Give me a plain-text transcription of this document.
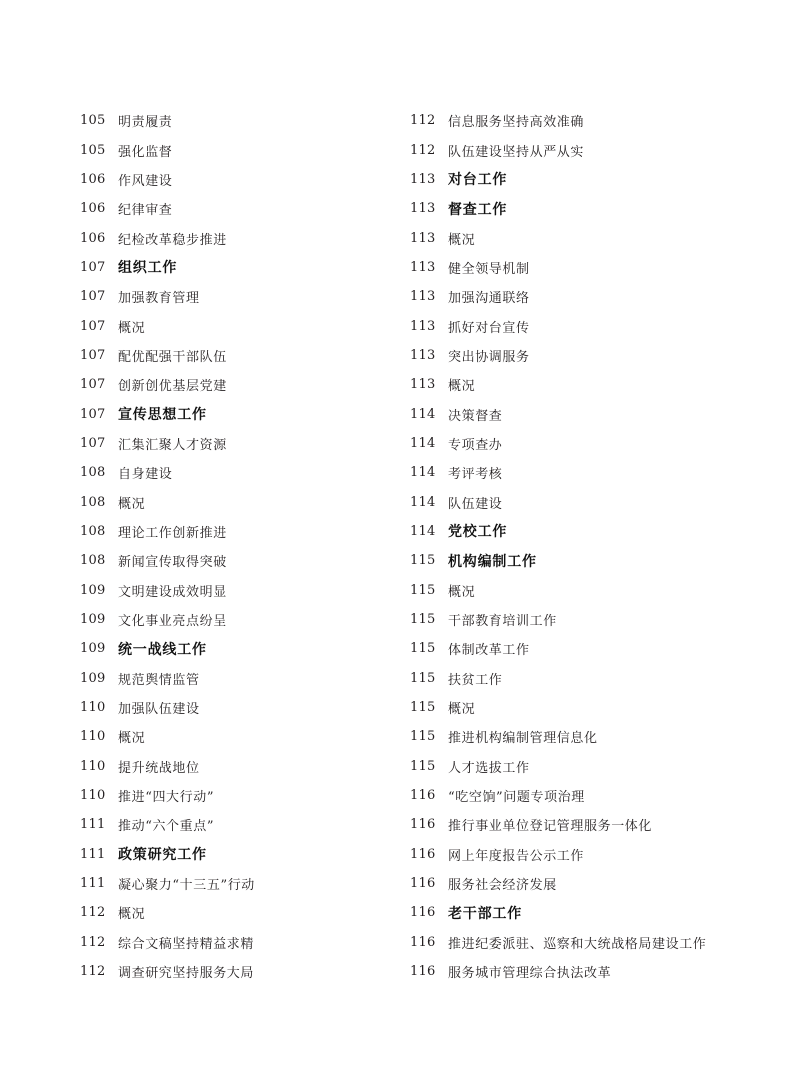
105 明责履责
105 强化监督
106 作风建设
106 纪律审查
106 纪检改革稳步推进
107 组织工作
107 加强教育管理
107 概况
107 配优配强干部队伍
107 创新创优基层党建
107 宣传思想工作
107 汇集汇聚人才资源
108 自身建设
108 概况
108 理论工作创新推进
108 新闻宣传取得突破
109 文明建设成效明显
109 文化事业亮点纷呈
109 统一战线工作
109 规范舆情监管
110 加强队伍建设
110 概况
110 提升统战地位
110 推进“四大行动”
111 推动“六个重点”
111 政策研究工作
111 凝心聚力“十三五”行动
112 概况
112 综合文稿坚持精益求精
112 调查研究坚持服务大局
112 信息服务坚持高效准确
112 队伍建设坚持从严从实
113 对台工作
113 督查工作
113 概况
113 健全领导机制
113 加强沟通联络
113 抓好对台宣传
113 突出协调服务
113 概况
114 决策督查
114 专项查办
114 考评考核
114 队伍建设
114 党校工作
115 机构编制工作
115 概况
115 干部教育培训工作
115 体制改革工作
115 扶贫工作
115 概况
115 推进机构编制管理信息化
115 人才选拔工作
116 “吃空饷”问题专项治理
116 推行事业单位登记管理服务一体化
116 网上年度报告公示工作
116 服务社会经济发展
116 老干部工作
116 推进纪委派驻、巡察和大统战格局建设工作
116 服务城市管理综合执法改革
